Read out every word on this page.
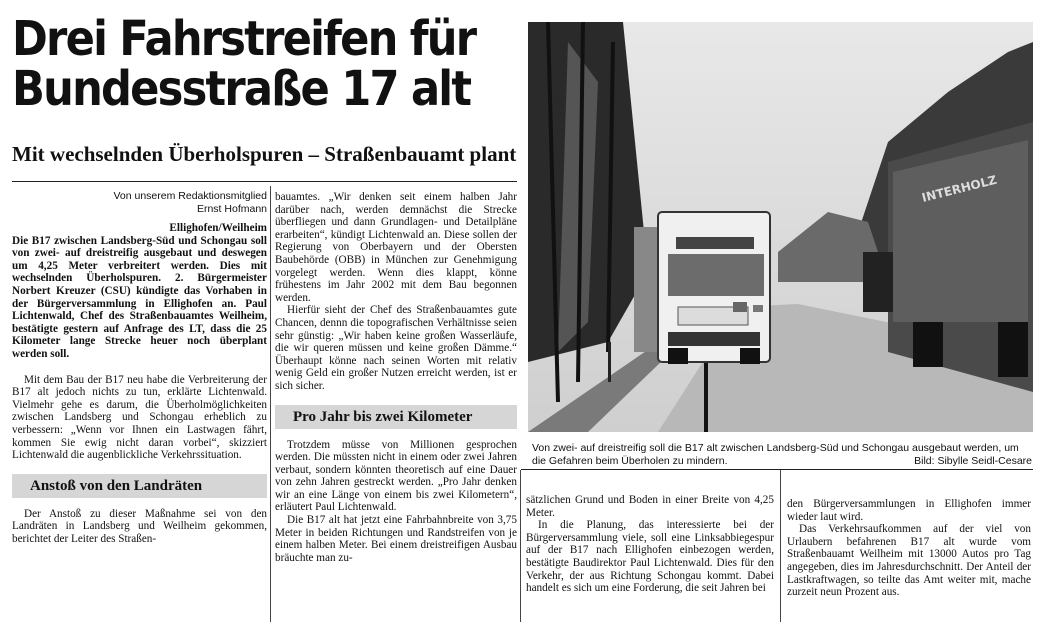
Drei Fahrstreifen für
Bundesstraße 17 alt
Mit wechselnden Überholspuren – Straßenbauamt plant
Von unserem Redaktionsmitglied
Ernst Hofmann
Ellighofen/Weilheim

Die B17 zwischen Landsberg-Süd und Schongau soll von zwei- auf dreistreifig ausgebaut und deswegen um 4,25 Meter verbreitert werden. Dies mit wechselnden Überholspuren. 2. Bürgermeister Norbert Kreuzer (CSU) kündigte das Vorhaben in der Bürgerversammlung in Ellighofen an. Paul Lichtenwald, Chef des Straßenbauamtes Weilheim, bestätigte gestern auf Anfrage des LT, dass die 25 Kilometer lange Strecke heuer noch überplant werden soll.

Mit dem Bau der B17 neu habe die Verbreiterung der B17 alt jedoch nichts zu tun, erklärte Lichtenwald. Vielmehr gehe es darum, die Überholmöglichkeiten zwischen Landsberg und Schongau erheblich zu verbessern: „Wenn vor Ihnen ein Lastwagen fährt, kommen Sie ewig nicht daran vorbei“, skizziert Lichtenwald die augenblickliche Verkehrssituation.

Anstoß von den Landräten

Der Anstoß zu dieser Maßnahme sei von den Landräten in Landsberg und Weilheim gekommen, berichtet der Leiter des Straßen-

bauamtes. „Wir denken seit einem halben Jahr darüber nach, werden demnächst die Strecke überfliegen und dann Grundlagen- und Detailpläne erarbeiten“, kündigt Lichtenwald an. Diese sollen der Regierung von Oberbayern und der Obersten Baubehörde (OBB) in München zur Genehmigung vorgelegt werden. Wenn dies klappt, könne frühestens im Jahr 2002 mit dem Bau begonnen werden.

Hierfür sieht der Chef des Straßenbauamtes gute Chancen, dennn die topografischen Verhältnisse seien sehr günstig: „Wir haben keine großen Wasserläufe, die wir queren müssen und keine großen Dämme.“ Überhaupt könne nach seinen Worten mit relativ wenig Geld ein großer Nutzen erreicht werden, ist er sich sicher.

Pro Jahr bis zwei Kilometer

Trotzdem müsse von Millionen gesprochen werden. Die müssten nicht in einem oder zwei Jahren verbaut, sondern könnten theoretisch auf eine Dauer von zehn Jahren gestreckt werden. „Pro Jahr denken wir an eine Länge von einem bis zwei Kilometern“, erläutert Paul Lichtenwald.

Die B17 alt hat jetzt eine Fahrbahnbreite von 3,75 Meter in beiden Richtungen und Randstreifen von je einem halben Meter. Bei einem dreistreifigen Ausbau bräuchte man zu-

INTERHOLZ
Von zwei- auf dreistreifig soll die B17 alt zwischen Landsberg-Süd und Schongau ausgebaut werden, um die Gefahren beim Überholen zu mindern.	Bild: Sibylle Seidl-Cesare

sätzlichen Grund und Boden in einer Breite von 4,25 Meter.

In die Planung, das interessierte bei der Bürgerversammlung viele, soll eine Linksabbiegespur auf der B17 nach Ellighofen einbezogen werden, bestätigte Baudirektor Paul Lichtenwald. Dies für den Verkehr, der aus Richtung Schongau kommt. Dabei handelt es sich um eine Forderung, die seit Jahren bei

den Bürgerversammlungen in Ellighofen immer wieder laut wird.

Das Verkehrsaufkommen auf der viel von Urlaubern befahrenen B17 alt wurde vom Straßenbauamt Weilheim mit 13000 Autos pro Tag angegeben, dies im Jahresdurchschnitt. Der Anteil der Lastkraftwagen, so teilte das Amt weiter mit, mache zurzeit neun Prozent aus.
